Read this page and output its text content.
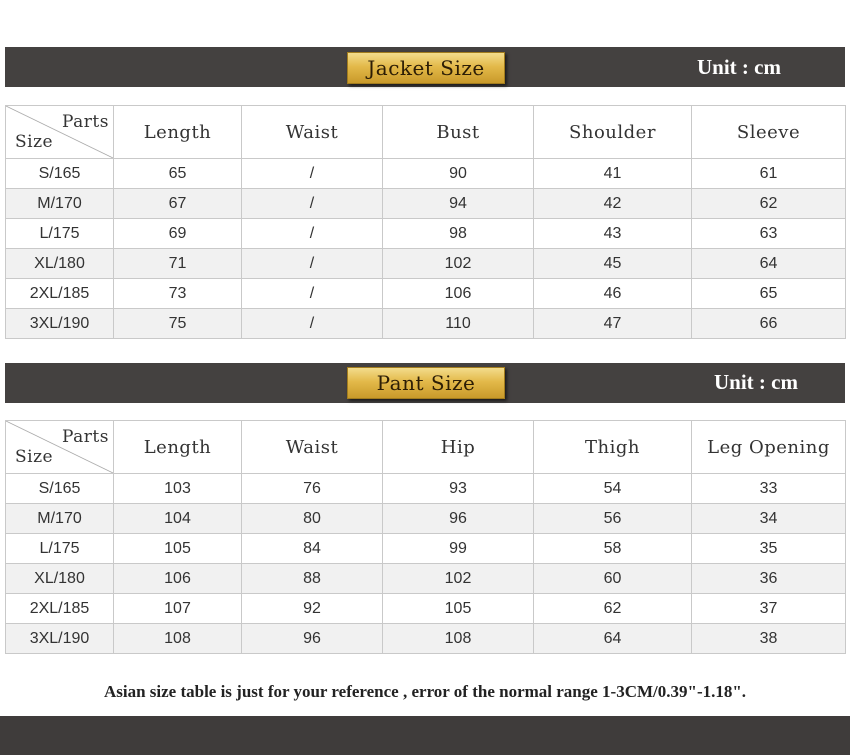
Jacket Size	Unit : cm
Parts
Size	Length	Waist	Bust	Shoulder	Sleeve
S/165	65	/	90	41	61
M/170	67	/	94	42	62
L/175	69	/	98	43	63
XL/180	71	/	102	45	64
2XL/185	73	/	106	46	65
3XL/190	75	/	110	47	66
Pant Size	Unit : cm
Parts
Size	Length	Waist	Hip	Thigh	Leg Opening
S/165	103	76	93	54	33
M/170	104	80	96	56	34
L/175	105	84	99	58	35
XL/180	106	88	102	60	36
2XL/185	107	92	105	62	37
3XL/190	108	96	108	64	38
Asian size table is just for your reference , error of the normal range 1-3CM/0.39"-1.18".
